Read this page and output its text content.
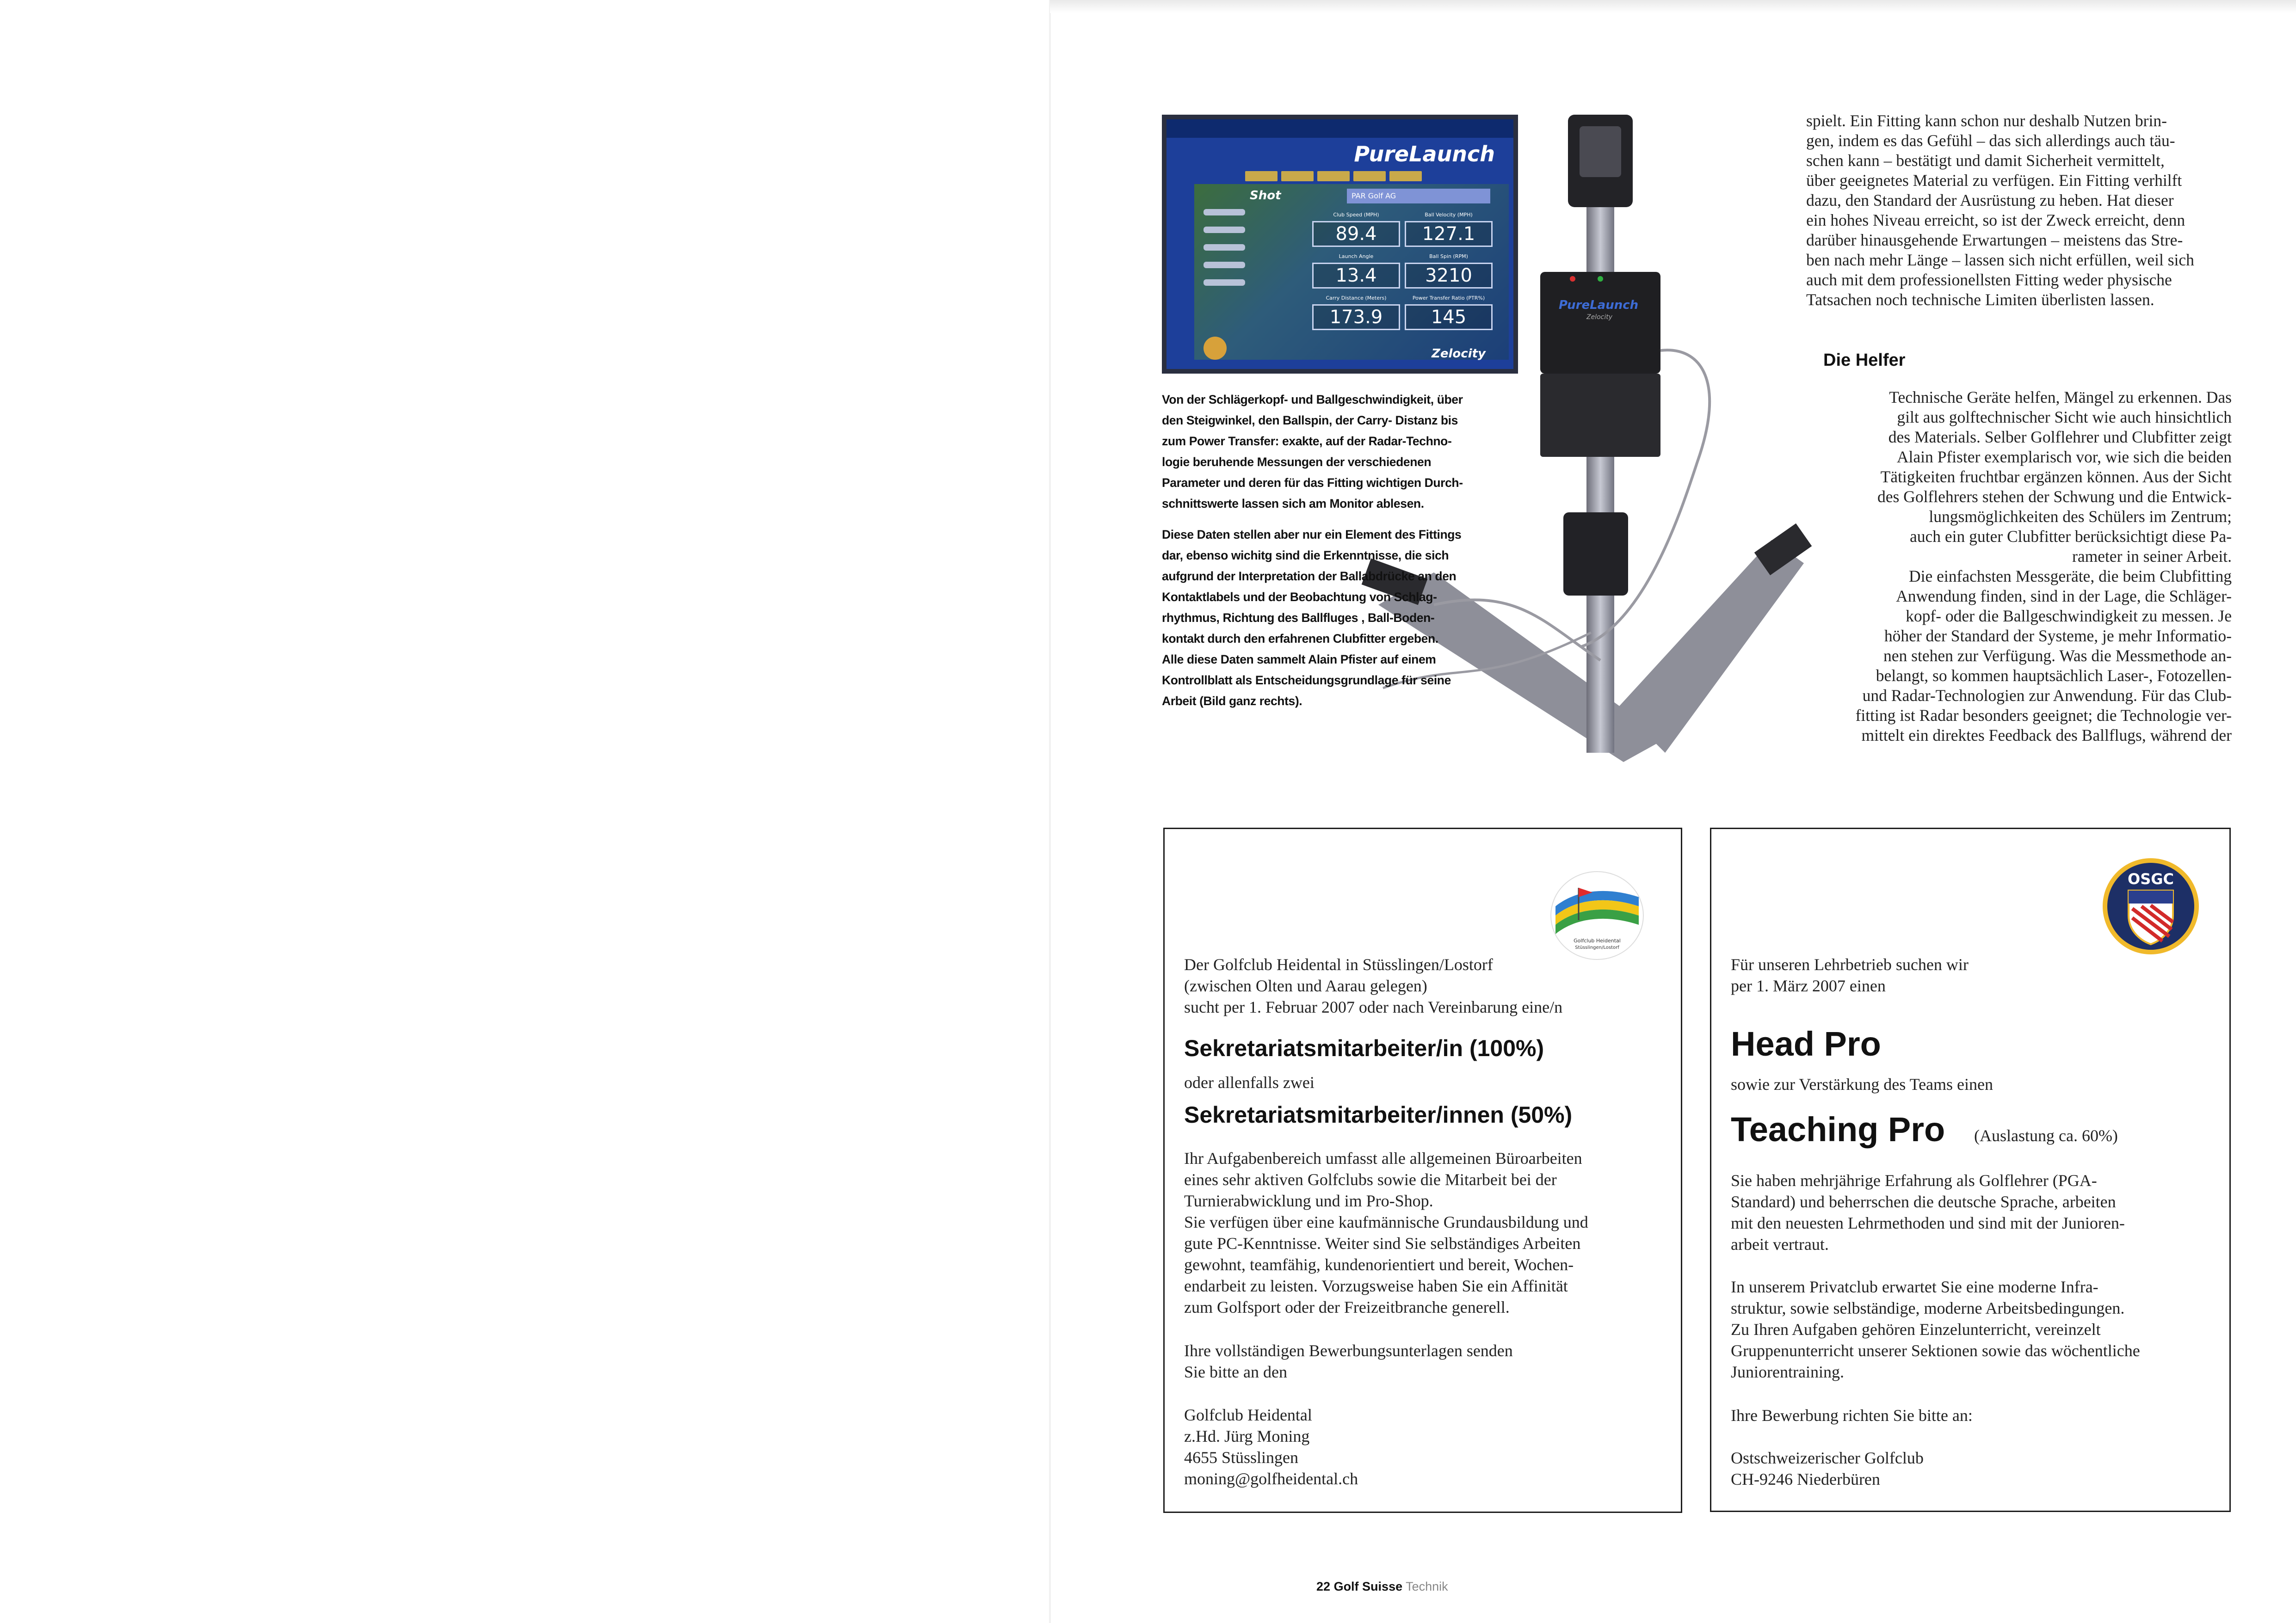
PureLaunch
Shot	PAR Golf AG
Club Speed (MPH)
89.4
Ball Velocity (MPH)
127.1
Launch Angle
13.4
Ball Spin (RPM)
3210
Carry Distance (Meters)
173.9
Power Transfer Ratio (PTR%)
145
Zelocity
PureLaunch
Zelocity

Von der Schlägerkopf- und Ballgeschwindigkeit, über
den Steigwinkel, den Ballspin, der Carry- Distanz bis
zum Power Transfer: exakte, auf der Radar-Techno-
logie beruhende Messungen der verschiedenen
Parameter und deren für das Fitting wichtigen Durch-
schnittswerte lassen sich am Monitor ablesen.

Diese Daten stellen aber nur ein Element des Fittings
dar, ebenso wichitg sind die Erkenntnisse, die sich
aufgrund der Interpretation der Ballabdrücke an den
Kontaktlabels und der Beobachtung von Schlag-
rhythmus, Richtung des Ballfluges , Ball-Boden-
kontakt durch den erfahrenen Clubfitter ergeben.
Alle diese Daten sammelt Alain Pfister auf einem
Kontrollblatt als Entscheidungsgrundlage für seine
Arbeit (Bild ganz rechts).

spielt. Ein Fitting kann schon nur deshalb Nutzen brin-
gen, indem es das Gefühl – das sich allerdings auch täu-
schen kann – bestätigt und damit Sicherheit vermittelt,
über geeignetes Material zu verfügen. Ein Fitting verhilft
dazu, den Standard der Ausrüstung zu heben. Hat dieser
ein hohes Niveau erreicht, so ist der Zweck erreicht, denn
darüber hinausgehende Erwartungen – meistens das Stre-
ben nach mehr Länge – lassen sich nicht erfüllen, weil sich
auch mit dem professionellsten Fitting weder physische
Tatsachen noch technische Limiten überlisten lassen.
Die Helfer
Technische Geräte helfen, Mängel zu erkennen. Das
gilt aus golftechnischer Sicht wie auch hinsichtlich
des Materials. Selber Golflehrer und Clubfitter zeigt
Alain Pfister exemplarisch vor, wie sich die beiden
Tätigkeiten fruchtbar ergänzen können. Aus der Sicht
des Golflehrers stehen der Schwung und die Entwick-
lungsmöglichkeiten des Schülers im Zentrum;
auch ein guter Clubfitter berücksichtigt diese Pa-
rameter in seiner Arbeit.
Die einfachsten Messgeräte, die beim Clubfitting
Anwendung finden, sind in der Lage, die Schläger-
kopf- oder die Ballgeschwindigkeit zu messen. Je
höher der Standard der Systeme, je mehr Informatio-
nen stehen zur Verfügung. Was die Messmethode an-
belangt, so kommen hauptsächlich Laser-, Fotozellen-
und Radar-Technologien zur Anwendung. Für das Club-
fitting ist Radar besonders geeignet; die Technologie ver-
mittelt ein direktes Feedback des Ballflugs, während der
Golfclub Heidental
Stüsslingen/Lostorf
Der Golfclub Heidental in Stüsslingen/Lostorf
(zwischen Olten und Aarau gelegen)
sucht per 1. Februar 2007 oder nach Vereinbarung eine/n
Sekretariatsmitarbeiter/in (100%)
oder allenfalls zwei
Sekretariatsmitarbeiter/innen (50%)
Ihr Aufgabenbereich umfasst alle allgemeinen Büroarbeiten
eines sehr aktiven Golfclubs sowie die Mitarbeit bei der
Turnierabwicklung und im Pro-Shop.
Sie verfügen über eine kaufmännische Grundausbildung und
gute PC-Kenntnisse. Weiter sind Sie selbständiges Arbeiten
gewohnt, teamfähig, kundenorientiert und bereit, Wochen-
endarbeit zu leisten. Vorzugsweise haben Sie ein Affinität
zum Golfsport oder der Freizeitbranche generell.
Ihre vollständigen Bewerbungsunterlagen senden
Sie bitte an den
Golfclub Heidental
z.Hd. Jürg Moning
4655 Stüsslingen
moning@golfheidental.ch
OSGC
Für unseren Lehrbetrieb suchen wir
per 1. März 2007 einen
Head Pro
sowie zur Verstärkung des Teams einen
Teaching Pro (Auslastung ca. 60%)
Sie haben mehrjährige Erfahrung als Golflehrer (PGA-
Standard) und beherrschen die deutsche Sprache, arbeiten
mit den neuesten Lehrmethoden und sind mit der Junioren-
arbeit vertraut.
In unserem Privatclub erwartet Sie eine moderne Infra-
struktur, sowie selbständige, moderne Arbeitsbedingungen.
Zu Ihren Aufgaben gehören Einzelunterricht, vereinzelt
Gruppenunterricht unserer Sektionen sowie das wöchentliche
Juniorentraining.
Ihre Bewerbung richten Sie bitte an:
Ostschweizerischer Golfclub
CH-9246 Niederbüren
22 Golf Suisse Technik
